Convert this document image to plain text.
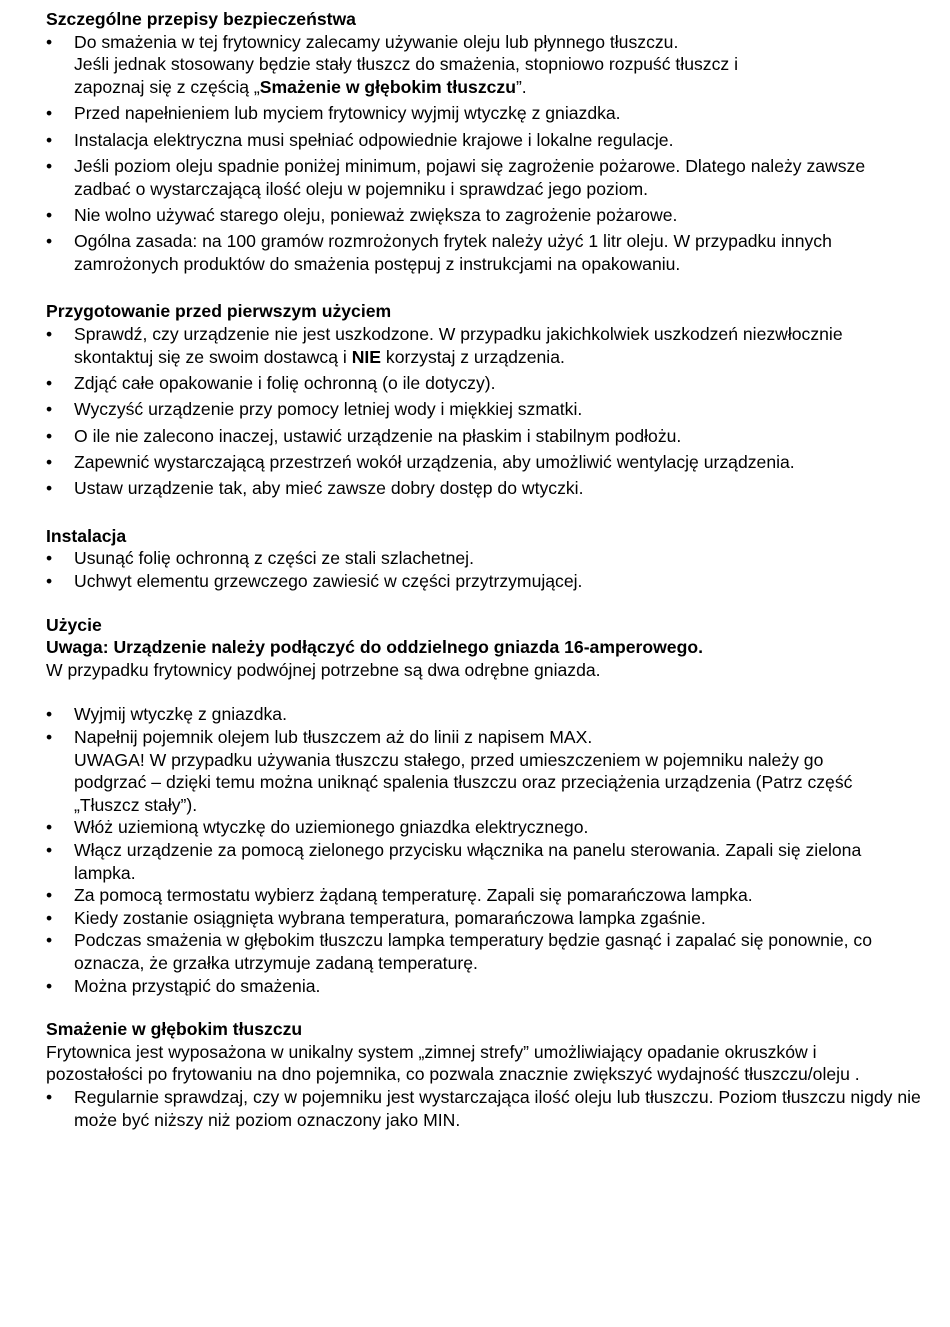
Szczególne przepisy bezpieczeństwa
•	Do smażenia w tej frytownicy zalecamy używanie oleju lub płynnego tłuszczu.
Jeśli jednak stosowany będzie stały tłuszcz do smażenia, stopniowo rozpuść tłuszcz i
zapoznaj się z częścią „Smażenie w głębokim tłuszczu”.
•	Przed napełnieniem lub myciem frytownicy wyjmij wtyczkę z gniazdka.
•	Instalacja elektryczna musi spełniać odpowiednie krajowe i lokalne regulacje.
•	Jeśli poziom oleju spadnie poniżej minimum, pojawi się zagrożenie pożarowe. Dlatego należy zawsze zadbać o wystarczającą ilość oleju w pojemniku i sprawdzać jego poziom.
•	Nie wolno używać starego oleju, ponieważ zwiększa to zagrożenie pożarowe.
•	Ogólna zasada: na 100 gramów rozmrożonych frytek należy użyć 1 litr oleju. W przypadku innych zamrożonych produktów do smażenia postępuj z instrukcjami na opakowaniu.
Przygotowanie przed pierwszym użyciem
•	Sprawdź, czy urządzenie nie jest uszkodzone. W przypadku jakichkolwiek uszkodzeń niezwłocznie skontaktuj się ze swoim dostawcą i NIE korzystaj z urządzenia.
•	Zdjąć całe opakowanie i folię ochronną (o ile dotyczy).
•	Wyczyść urządzenie przy pomocy letniej wody i miękkiej szmatki.
•	O ile nie zalecono inaczej, ustawić urządzenie na płaskim i stabilnym podłożu.
•	Zapewnić wystarczającą przestrzeń wokół urządzenia, aby umożliwić wentylację urządzenia.
•	Ustaw urządzenie tak, aby mieć zawsze dobry dostęp do wtyczki.
Instalacja
•	Usunąć folię ochronną z części ze stali szlachetnej.
•	Uchwyt elementu grzewczego zawiesić w części przytrzymującej.
Użycie
Uwaga: Urządzenie należy podłączyć do oddzielnego gniazda 16-amperowego.
W przypadku frytownicy podwójnej potrzebne są dwa odrębne gniazda.
•	Wyjmij wtyczkę z gniazdka.
•	Napełnij pojemnik olejem lub tłuszczem aż do linii z napisem MAX.
UWAGA! W przypadku używania tłuszczu stałego, przed umieszczeniem w pojemniku należy go podgrzać – dzięki temu można uniknąć spalenia tłuszczu oraz przeciążenia urządzenia (Patrz część „Tłuszcz stały”).
•	Włóż uziemioną wtyczkę do uziemionego gniazdka elektrycznego.
•	Włącz urządzenie za pomocą zielonego przycisku włącznika na panelu sterowania. Zapali się zielona lampka.
•	Za pomocą termostatu wybierz żądaną temperaturę. Zapali się pomarańczowa lampka.
•	Kiedy zostanie osiągnięta wybrana temperatura, pomarańczowa lampka zgaśnie.
•	Podczas smażenia w głębokim tłuszczu lampka temperatury będzie gasnąć i zapalać się ponownie, co oznacza, że grzałka utrzymuje zadaną temperaturę.
•	Można przystąpić do smażenia.
Smażenie w głębokim tłuszczu
Frytownica jest wyposażona w unikalny system „zimnej strefy” umożliwiający opadanie okruszków i pozostałości po frytowaniu na dno pojemnika, co pozwala znacznie zwiększyć wydajność tłuszczu/oleju .
•	Regularnie sprawdzaj, czy w pojemniku jest wystarczająca ilość oleju lub tłuszczu. Poziom tłuszczu nigdy nie może być niższy niż poziom oznaczony jako MIN.
